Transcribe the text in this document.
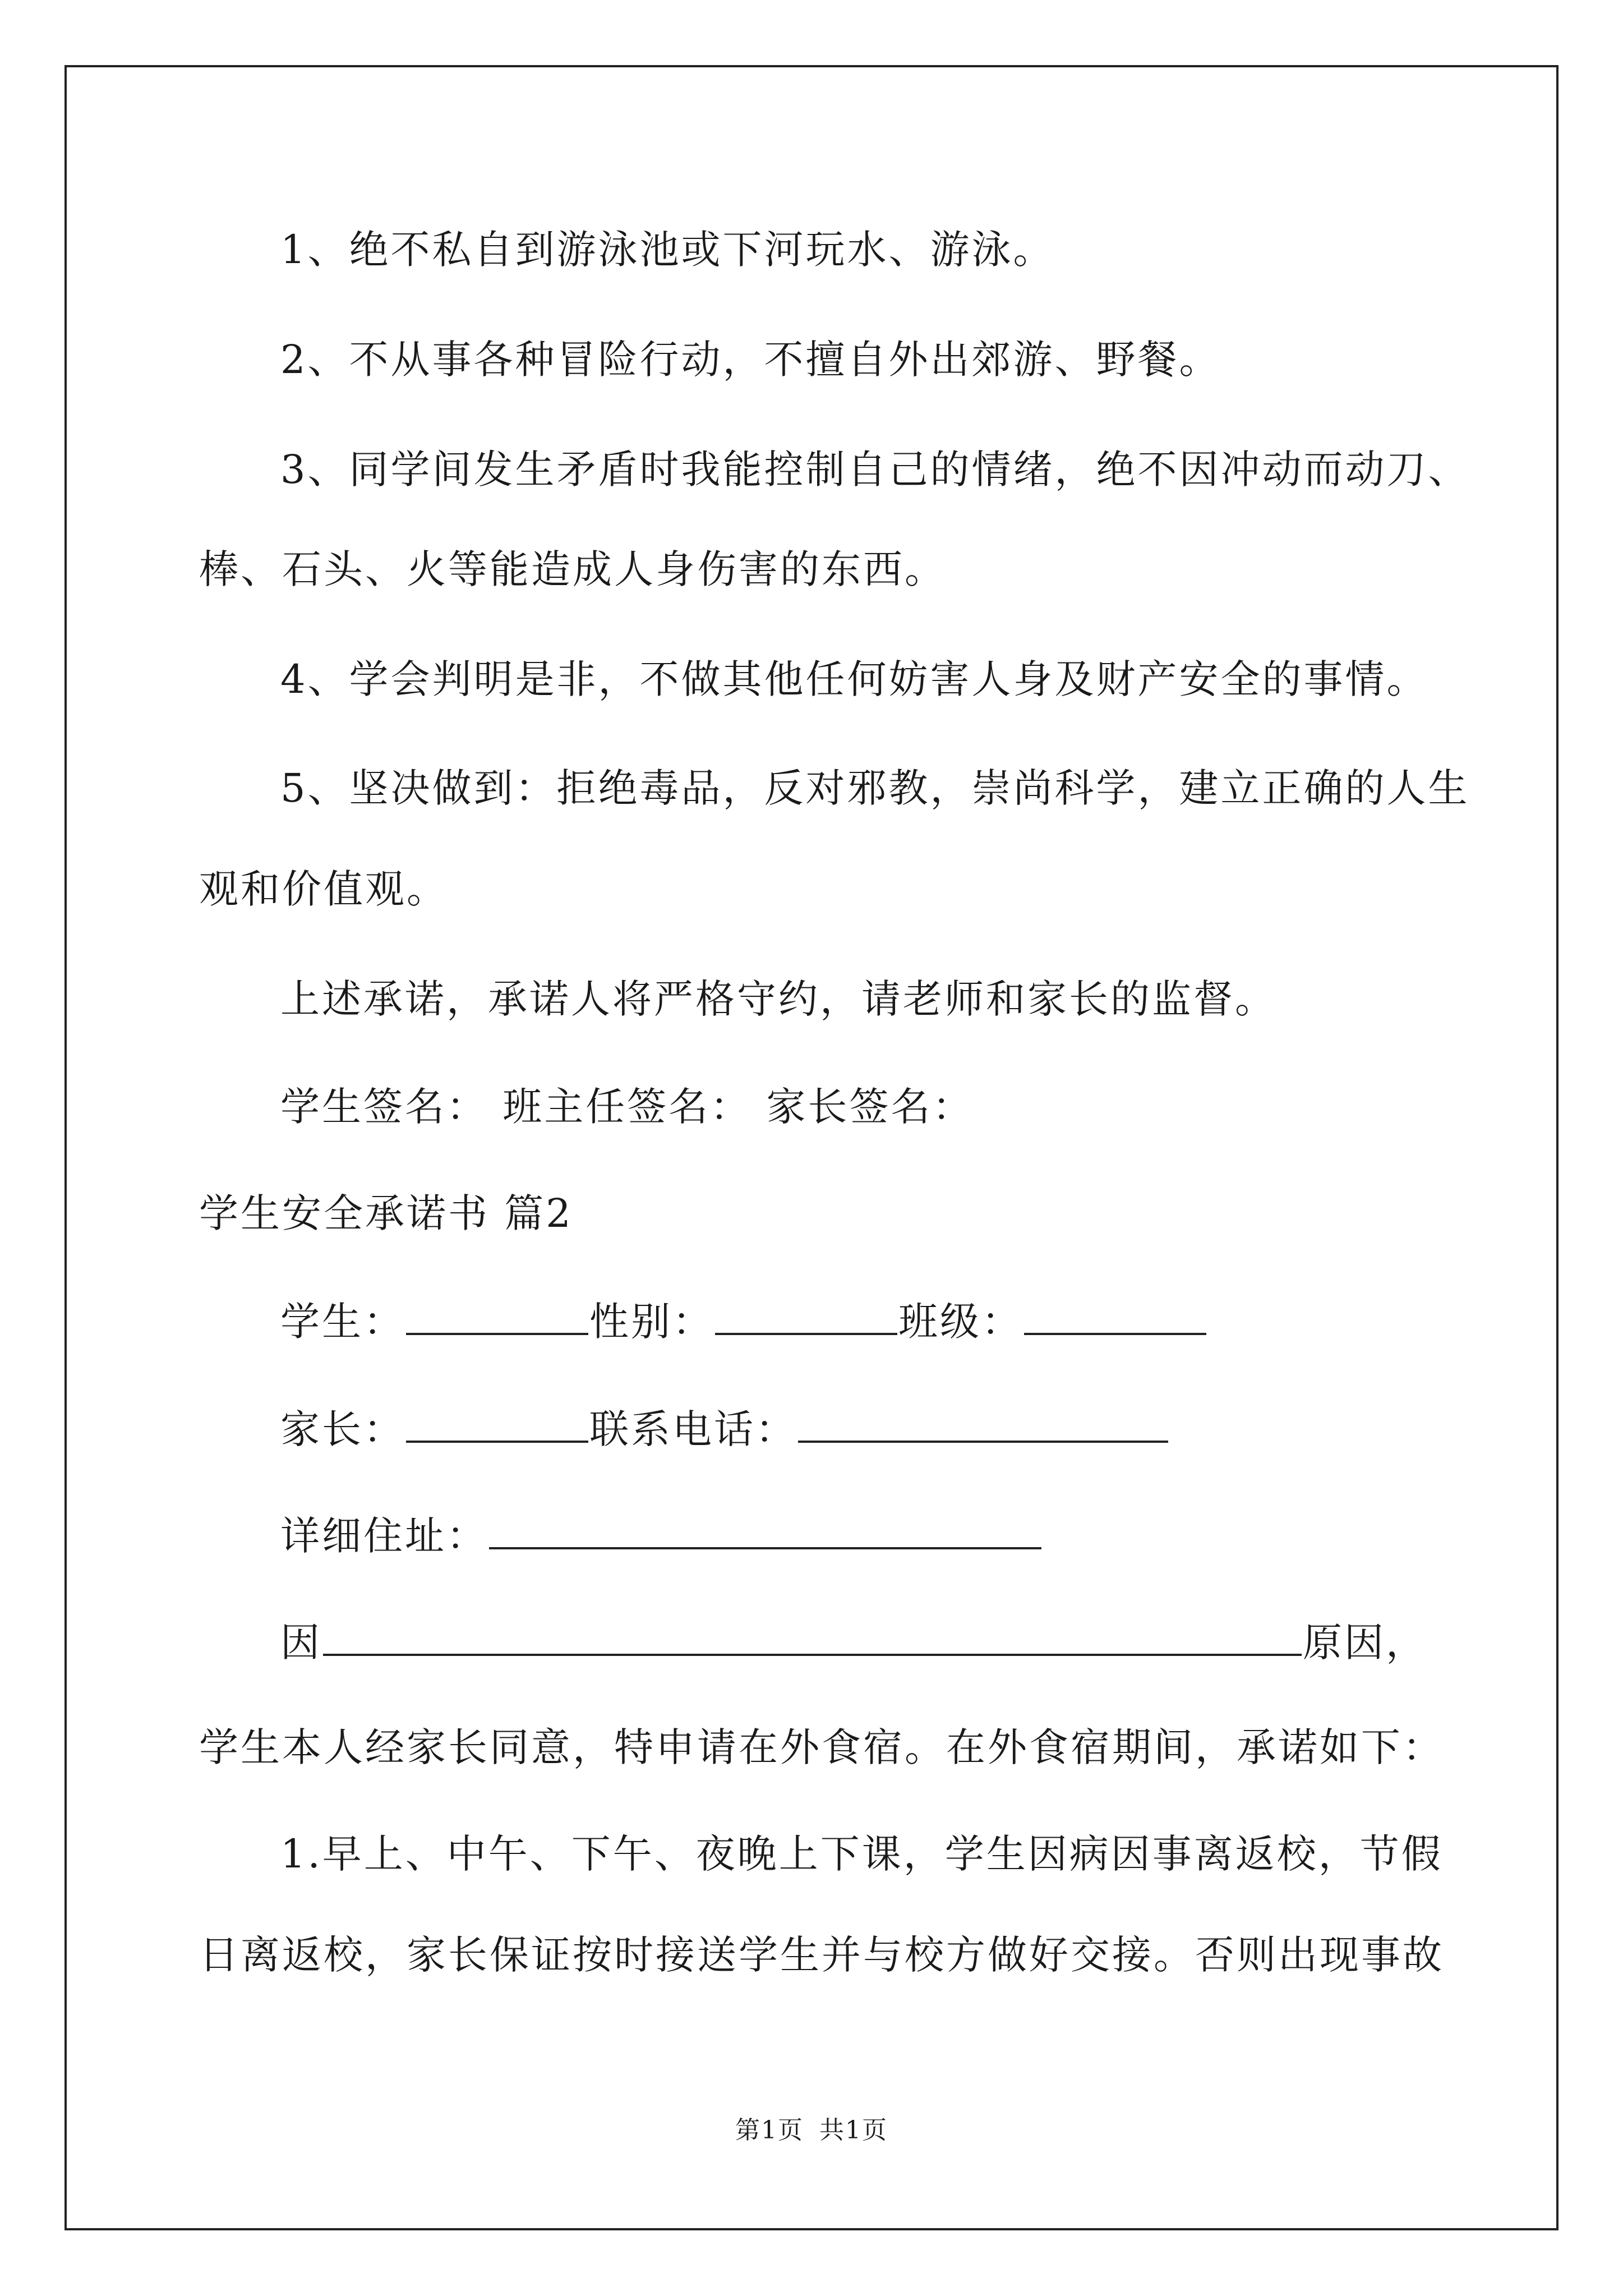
1、绝不私自到游泳池或下河玩水、游泳。
2、不从事各种冒险行动，不擅自外出郊游、野餐。
3、同学间发生矛盾时我能控制自己的情绪，绝不因冲动而动刀、
棒、石头、火等能造成人身伤害的东西。
4、学会判明是非，不做其他任何妨害人身及财产安全的事情。
5、坚决做到：拒绝毒品，反对邪教，崇尚科学，建立正确的人生
观和价值观。
上述承诺，承诺人将严格守约，请老师和家长的监督。
学生签名： 班主任签名： 家长签名：
学生安全承诺书 篇2
学生：	性别：	班级：
家长：	联系电话：
详细住址：
因	原因，
学生本人经家长同意，特申请在外食宿。在外食宿期间，承诺如下：
1.早上、中午、下午、夜晚上下课，学生因病因事离返校，节假
日离返校，家长保证按时接送学生并与校方做好交接。否则出现事故
第1页 共1页
